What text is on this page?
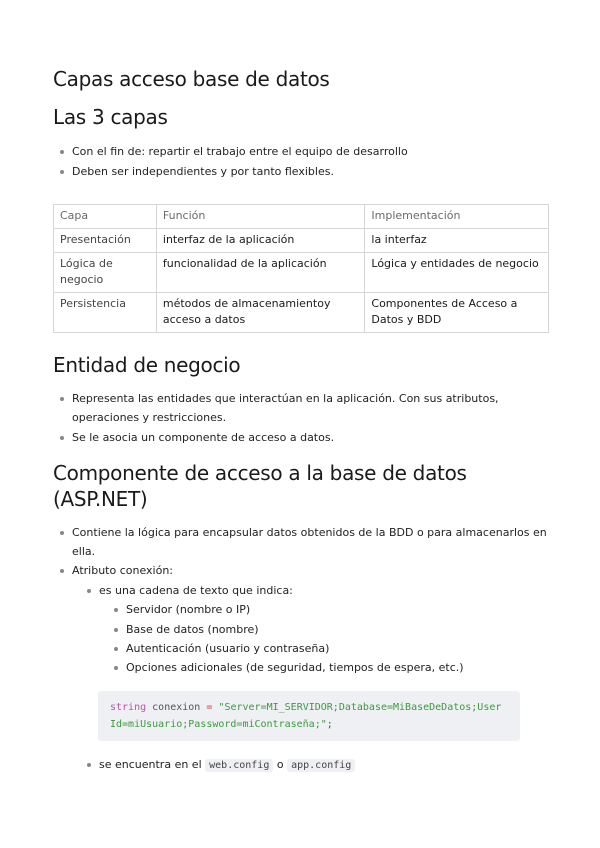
Capas acceso base de datos
Las 3 capas
Con el fin de: repartir el trabajo entre el equipo de desarrollo
Deben ser independientes y por tanto flexibles.
Capa	Función	Implementación
Presentación	interfaz de la aplicación	la interfaz
Lógica de negocio	funcionalidad de la aplicación	Lógica y entidades de negocio
Persistencia	métodos de almacenamientoy acceso a datos	Componentes de Acceso a Datos y BDD
Entidad de negocio
Representa las entidades que interactúan en la aplicación. Con sus atributos, operaciones y restricciones.
Se le asocia un componente de acceso a datos.
Componente de acceso a la base de datos (ASP.NET)
Contiene la lógica para encapsular datos obtenidos de la BDD o para almacenarlos en ella.
Atributo conexión:
es una cadena de texto que indica:
Servidor (nombre o IP)
Base de datos (nombre)
Autenticación (usuario y contraseña)
Opciones adicionales (de seguridad, tiempos de espera, etc.)
string conexion = "Server=MI_SERVIDOR;Database=MiBaseDeDatos;User
Id=miUsuario;Password=miContraseña;";
se encuentra en el web.config o app.config
